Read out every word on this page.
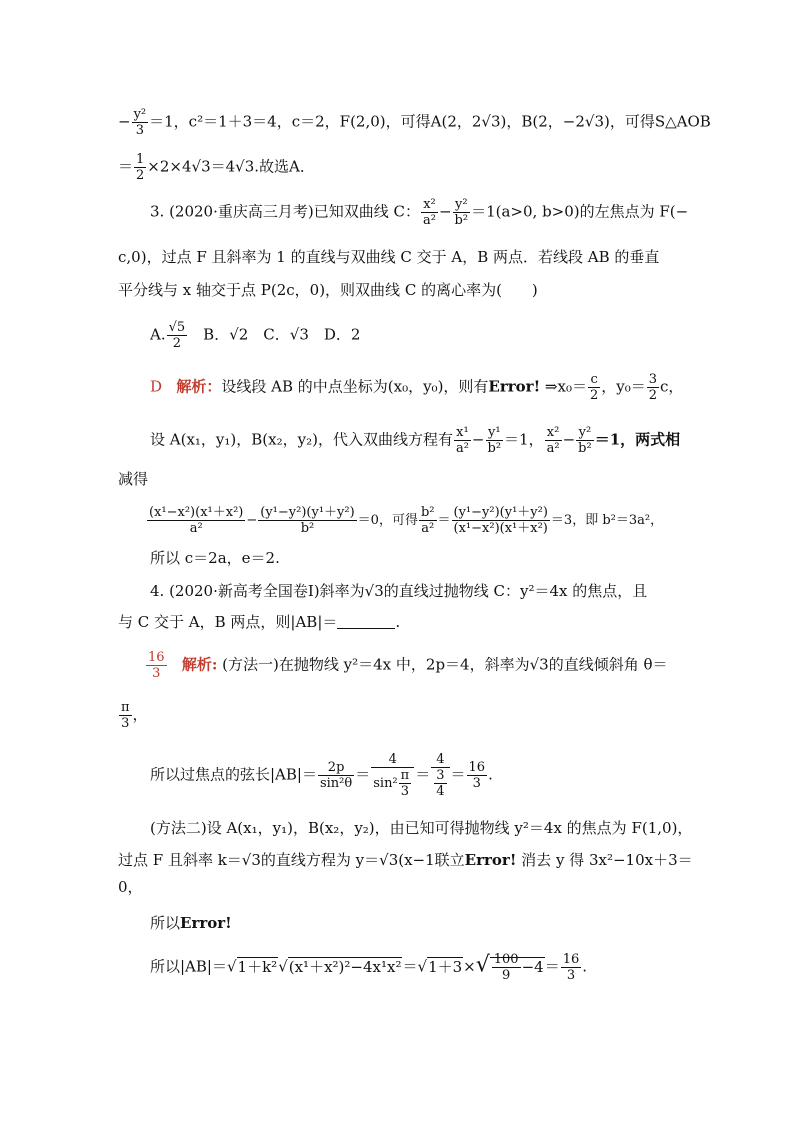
− $\frac{\text{y²}}{3} =1$，c²＝1＋3＝4，c＝2，F(2,0)，可得A(2，2√3)，B(2，−2√3)，可得S△AOB
＝ $\frac{1}{2} \times 2\times 4√3=4√3$.故选A．
3. (2020·重庆高三月考)已知双曲线 C： $\frac{\text{x²}}{\text{a²}} - \frac{\text{y²}}{\text{b²}} =1(a>0$, b>0)的左焦点为 F(−
c,0)，过点 F 且斜率为 1 的直线与双曲线 C 交于 A，B 两点．若线段 AB 的垂直
平分线与 x 轴交于点 P(2c，0)，则双曲线 C 的离心率为(　　)
A. $\frac{√5}{2}$ 　B．√2　C．√3　D．2
D 解析：设线段 AB 的中点坐标为(x₀，y₀)，则有Error! ⇒x₀＝ $\frac{c}{2}$ ，$y_0= \frac{3}{2}$ c，
设 A(x₁，y₁)，B(x₂，y₂)，代入双曲线方程有 $\frac{\text{x¹}}{\text{a²}} - \frac{\text{y¹}}{\text{b²}} =1$， $\frac{\text{x²}}{\text{a²}} - \frac{\text{y²}}{\text{b²}} =1$，两式相
减得
$\frac{\text{(x¹−x²)(x¹＋x²)}}{\text{a²}} - \frac{\text{(y¹−y²)(y¹＋y²)}}{\text{b²}} =0$，可得 $\frac{\text{b²}}{\text{a²}} = \frac{\text{(y¹−y²)(y¹＋y²)}}{\text{(x¹−x²)(x¹＋x²)}} =3$，即 b²＝3a²，
所以 c＝2a，e＝2.
4. (2020·新高考全国卷Ⅰ)斜率为√3的直线过抛物线 C：y²＝4x 的焦点，且
与 C 交于 A，B 两点，则|AB|＝	.
$\frac{16}{3}$ 解析: (方法一)在抛物线 y²＝4x 中，2p＝4，斜率为√3的直线倾斜角 θ＝
$\frac{\pi}{3}$ ，
所以过焦点的弦长$|AB|= \frac{2p}{\text{sin²θ}} = \frac{4}{\sin^2 \frac{\pi}{3}} = \frac{4}{\frac{3}{4}} = \frac{16}{3}$ .
(方法二)设 A(x₁，y₁)，B(x₂，y₂)，由已知可得抛物线 y²＝4x 的焦点为 F(1,0)，
过点 F 且斜率 k＝√3的直线方程为 y＝√3(x−1联立Error! 消去 y 得 3x²−10x＋3＝
0，
所以Error!
所以$|AB|=√1+k^2√(x^1+x^2)^2-4x^1x^2=√1+3\times√ \frac{100}{9} -4= \frac{16}{3}$ .
